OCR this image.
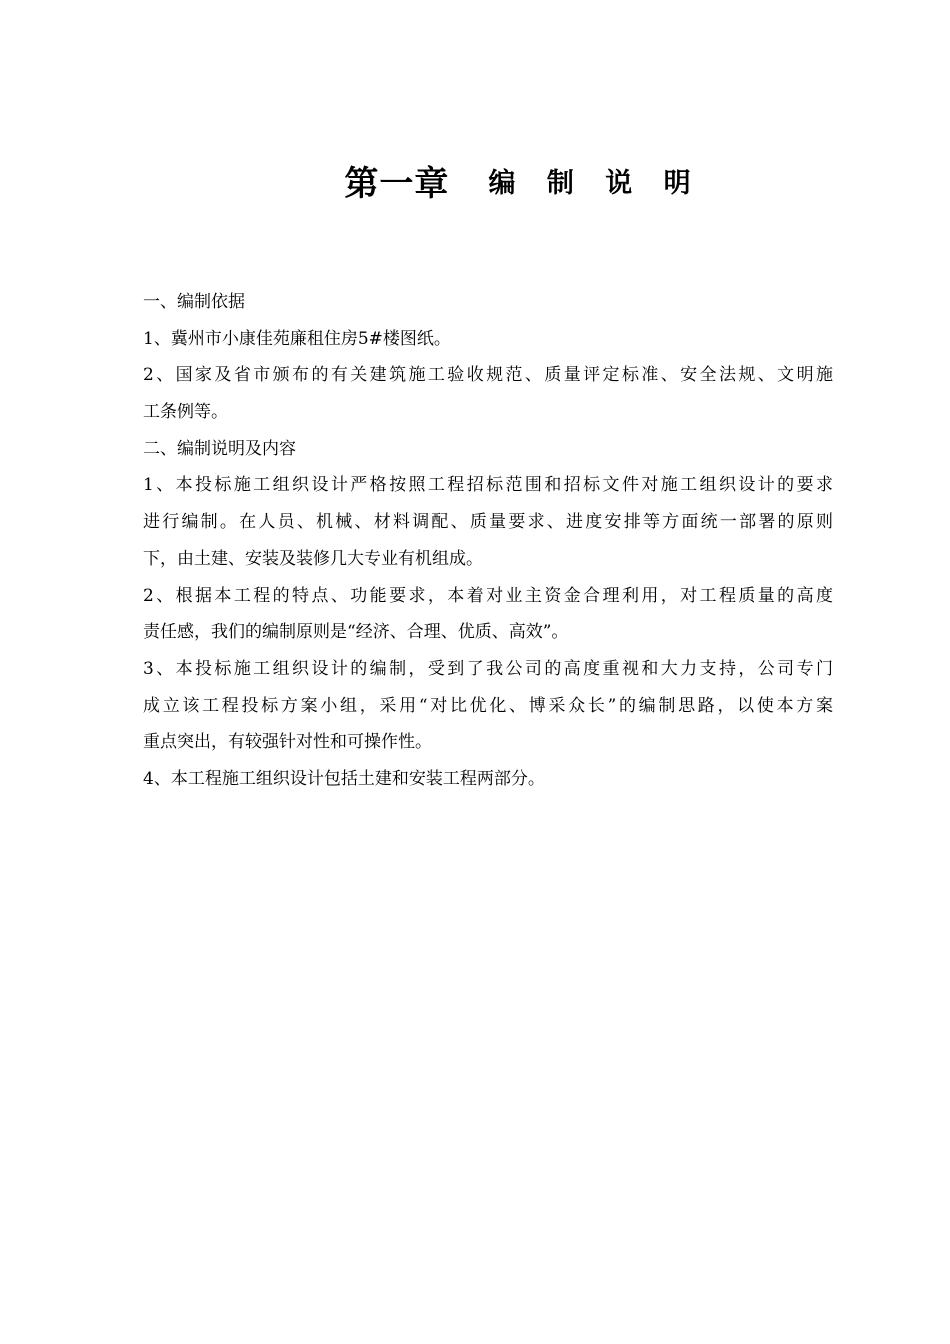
第一章 编 制 说 明
一、编制依据
1、冀州市小康佳苑廉租住房5#楼图纸。
2、国家及省市颁布的有关建筑施工验收规范、质量评定标准、安全法规、文明施
工条例等。
二、编制说明及内容
1、本投标施工组织设计严格按照工程招标范围和招标文件对施工组织设计的要求
进行编制。在人员、机械、材料调配、质量要求、进度安排等方面统一部署的原则
下，由土建、安装及装修几大专业有机组成。
2、根据本工程的特点、功能要求，本着对业主资金合理利用，对工程质量的高度
责任感，我们的编制原则是“经济、合理、优质、高效”。
3、本投标施工组织设计的编制，受到了我公司的高度重视和大力支持，公司专门
成立该工程投标方案小组，采用“对比优化、博采众长”的编制思路，以使本方案
重点突出，有较强针对性和可操作性。
4、本工程施工组织设计包括土建和安装工程两部分。
